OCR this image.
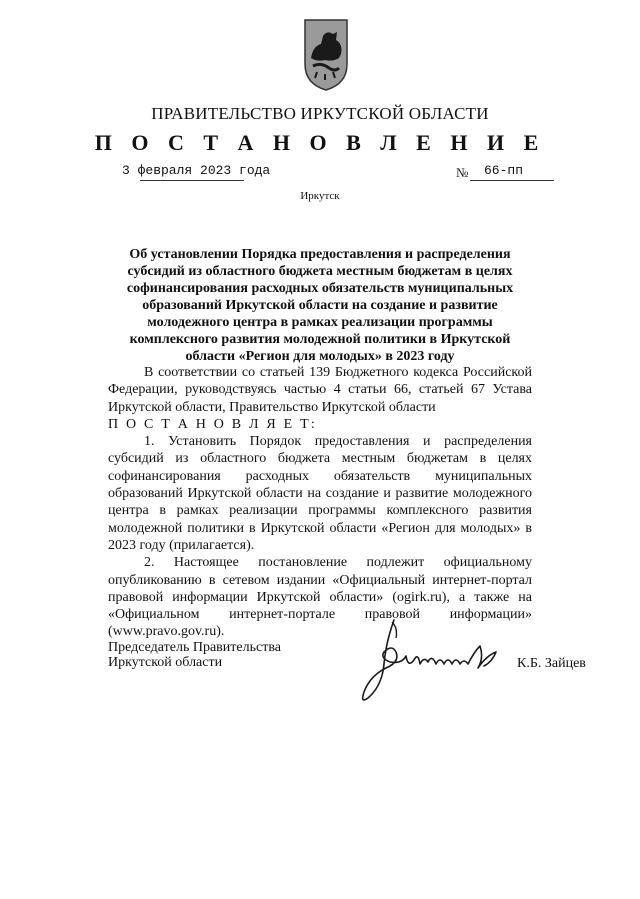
ПРАВИТЕЛЬСТВО ИРКУТСКОЙ ОБЛАСТИ
П О С Т А Н О В Л Е Н И Е
3 февраля 2023 года	№ 66-пп
Иркутск
Об установлении Порядка предоставления и распределения субсидий из областного бюджета местным бюджетам в целях софинансирования расходных обязательств муниципальных образований Иркутской области на создание и развитие молодежного центра в рамках реализации программы комплексного развития молодежной политики в Иркутской области «Регион для молодых» в 2023 году

В соответствии со статьей 139 Бюджетного кодекса Российской Федерации, руководствуясь частью 4 статьи 66, статьей 67 Устава Иркутской области, Правительство Иркутской области

П О С Т А Н О В Л Я Е Т:

1. Установить Порядок предоставления и распределения субсидий из областного бюджета местным бюджетам в целях софинансирования расходных обязательств муниципальных образований Иркутской области на создание и развитие молодежного центра в рамках реализации программы комплексного развития молодежной политики в Иркутской области «Регион для молодых» в 2023 году (прилагается).

2. Настоящее постановление подлежит официальному опубликованию в сетевом издании «Официальный интернет-портал правовой информации Иркутской области» (ogirk.ru), а также на «Официальном интернет-портале правовой информации» (www.pravo.gov.ru).

Председатель Правительства
Иркутской области	К.Б. Зайцев
